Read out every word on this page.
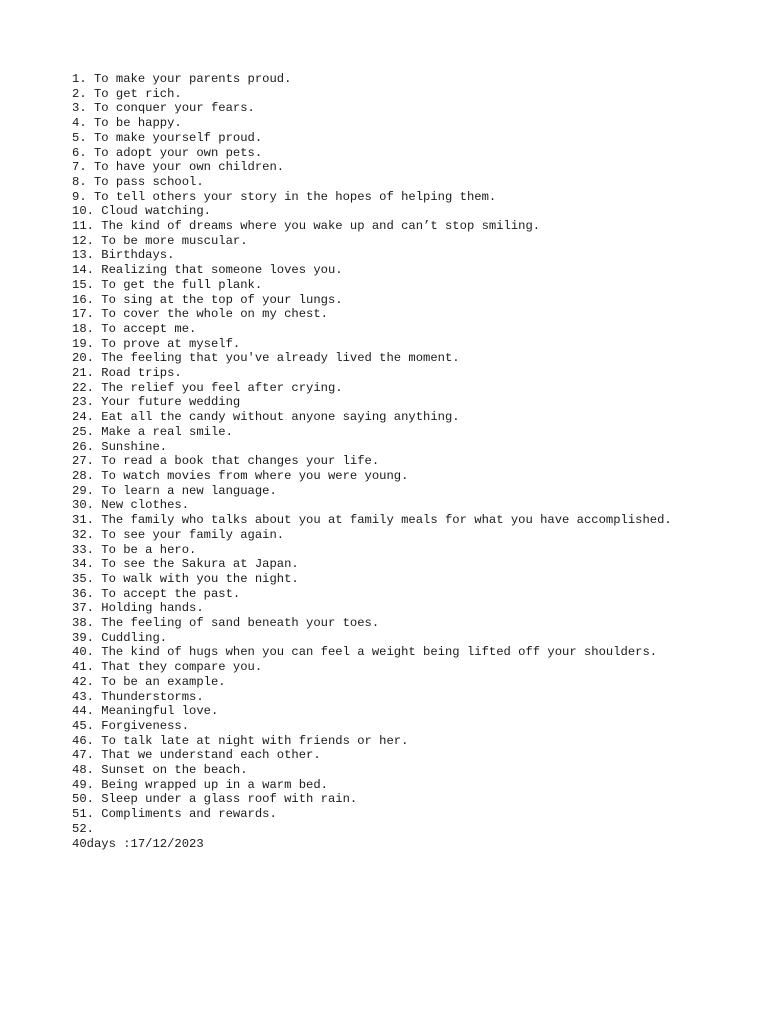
1. To make your parents proud.
2. To get rich.
3. To conquer your fears.
4. To be happy.
5. To make yourself proud.
6. To adopt your own pets.
7. To have your own children.
8. To pass school.
9. To tell others your story in the hopes of helping them.
10. Cloud watching.
11. The kind of dreams where you wake up and can’t stop smiling.
12. To be more muscular.
13. Birthdays.
14. Realizing that someone loves you.
15. To get the full plank.
16. To sing at the top of your lungs.
17. To cover the whole on my chest.
18. To accept me.
19. To prove at myself.
20. The feeling that you've already lived the moment.
21. Road trips.
22. The relief you feel after crying.
23. Your future wedding
24. Eat all the candy without anyone saying anything.
25. Make a real smile.
26. Sunshine.
27. To read a book that changes your life.
28. To watch movies from where you were young.
29. To learn a new language.
30. New clothes.
31. The family who talks about you at family meals for what you have accomplished.
32. To see your family again.
33. To be a hero.
34. To see the Sakura at Japan.
35. To walk with you the night.
36. To accept the past.
37. Holding hands.
38. The feeling of sand beneath your toes.
39. Cuddling.
40. The kind of hugs when you can feel a weight being lifted off your shoulders.
41. That they compare you.
42. To be an example.
43. Thunderstorms.
44. Meaningful love.
45. Forgiveness.
46. To talk late at night with friends or her.
47. That we understand each other.
48. Sunset on the beach.
49. Being wrapped up in a warm bed.
50. Sleep under a glass roof with rain.
51. Compliments and rewards.
52.
40days :17/12/2023
